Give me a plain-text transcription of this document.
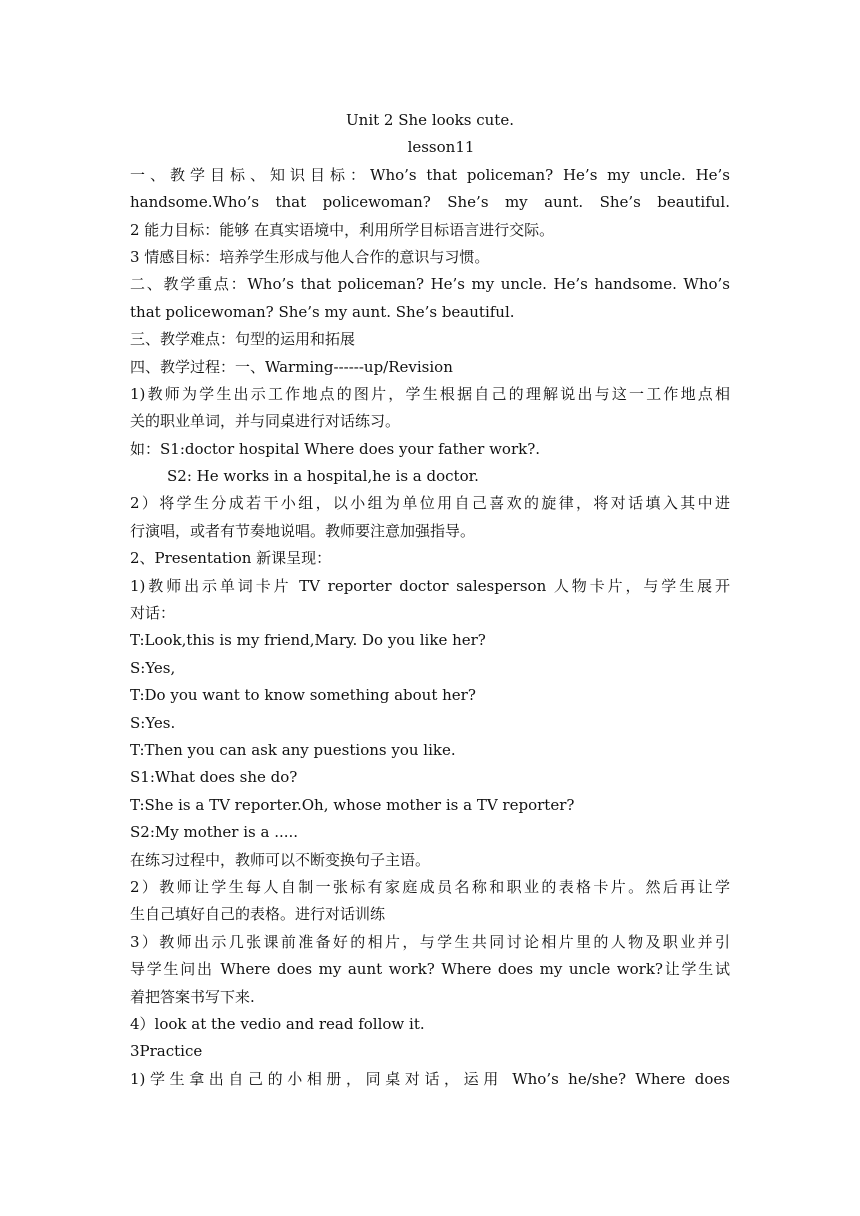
Unit 2 She looks cute.
lesson11
一、教学目标、知识目标：Who’s that policeman? He’s my uncle. He’s
handsome.Who’s that policewoman? She’s my aunt. She’s beautiful.
2 能力目标：能够 在真实语境中，利用所学目标语言进行交际。
3 情感目标：培养学生形成与他人合作的意识与习惯。
二、教学重点：Who’s that policeman? He’s my uncle. He’s handsome. Who’s
that policewoman? She’s my aunt. She’s beautiful.
三、教学难点：句型的运用和拓展
四、教学过程：一、Warming------up/Revision
1)教师为学生出示工作地点的图片，学生根据自己的理解说出与这一工作地点相
关的职业单词，并与同桌进行对话练习。
如：S1:doctor hospital Where does your father work?.
S2: He works in a hospital,he is a doctor.
2）将学生分成若干小组，以小组为单位用自己喜欢的旋律，将对话填入其中进
行演唱，或者有节奏地说唱。教师要注意加强指导。
2、Presentation 新课呈现：
1)教师出示单词卡片 TV reporter doctor salesperson 人物卡片，与学生展开
对话：
T:Look,this is my friend,Mary. Do you like her?
S:Yes,
T:Do you want to know something about her?
S:Yes.
T:Then you can ask any puestions you like.
S1:What does she do?
T:She is a TV reporter.Oh, whose mother is a TV reporter?
S2:My mother is a .....
在练习过程中，教师可以不断变换句子主语。
2）教师让学生每人自制一张标有家庭成员名称和职业的表格卡片。然后再让学
生自己填好自己的表格。进行对话训练
3）教师出示几张课前准备好的相片，与学生共同讨论相片里的人物及职业并引
导学生问出 Where does my aunt work? Where does my uncle work?让学生试
着把答案书写下来.
4）look at the vedio and read follow it.
3Practice
1)学生拿出自己的小相册，同桌对话，运用 Who’s he/she? Where does
